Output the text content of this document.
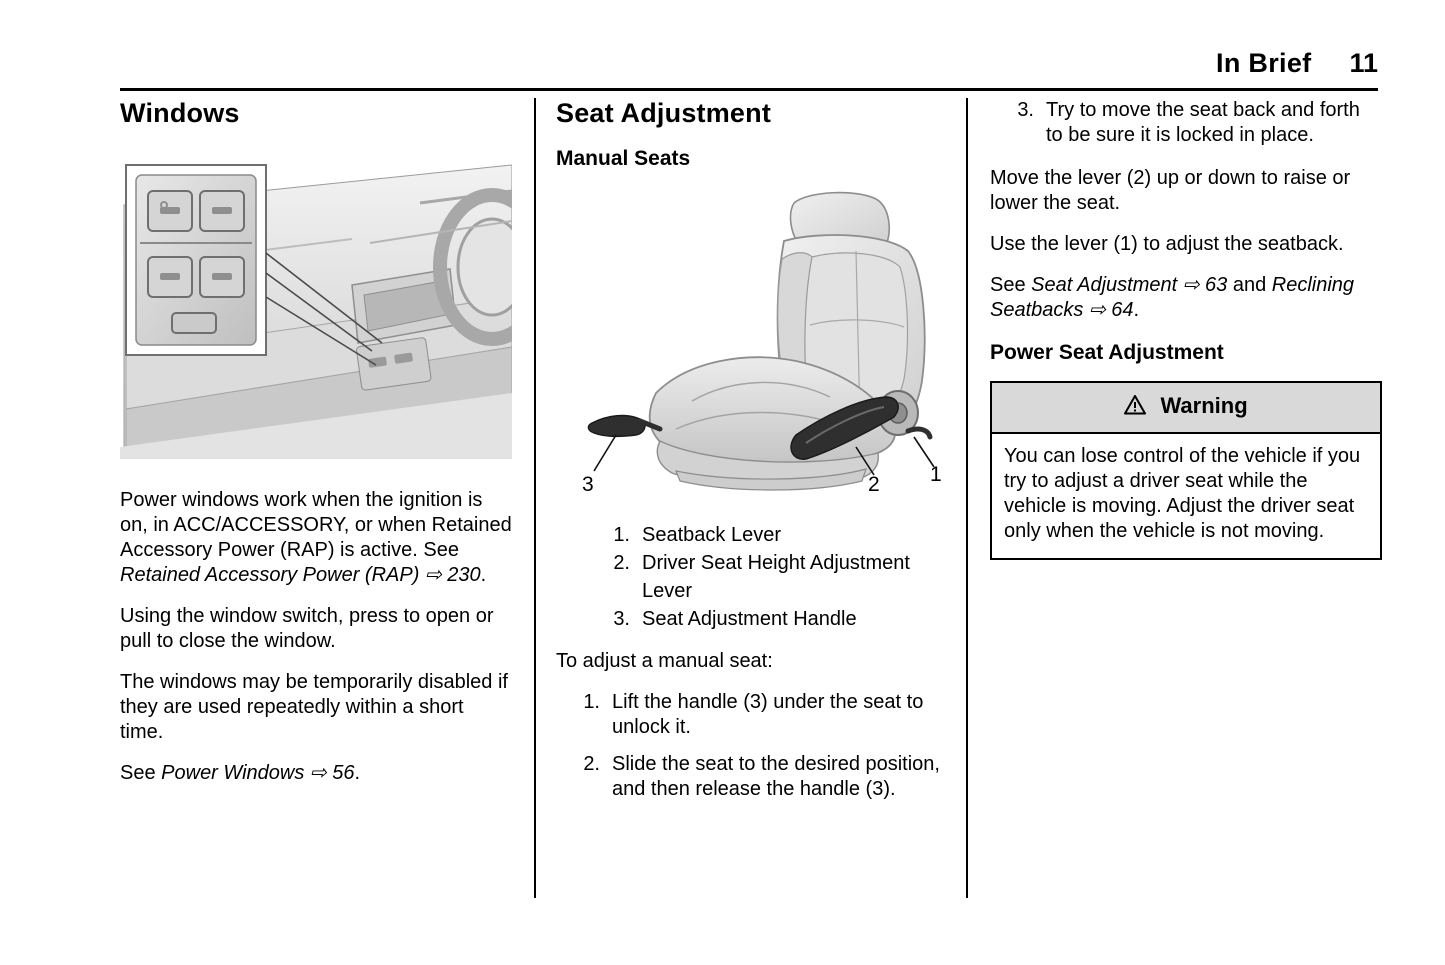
In Brief 11
Windows

Power windows work when the ignition is on, in ACC/ACCESSORY, or when Retained Accessory Power (RAP) is active. See Retained Accessory Power (RAP) ⇨ 230.

Using the window switch, press to open or pull to close the window.

The windows may be temporarily disabled if they are used repeatedly within a short time.

See Power Windows ⇨ 56.

Seat Adjustment
Manual Seats
3	2 1
1. Seatback Lever
2. Driver Seat Height Adjustment Lever
3. Seat Adjustment Handle

To adjust a manual seat:

1. Lift the handle (3) under the seat to unlock it.
2. Slide the seat to the desired position, and then release the handle (3).
3. Try to move the seat back and forth to be sure it is locked in place.

Move the lever (2) up or down to raise or lower the seat.

Use the lever (1) to adjust the seatback.

See Seat Adjustment ⇨ 63 and Reclining Seatbacks ⇨ 64.

Power Seat Adjustment
Warning
You can lose control of the vehicle if you try to adjust a driver seat while the vehicle is moving. Adjust the driver seat only when the vehicle is not moving.
